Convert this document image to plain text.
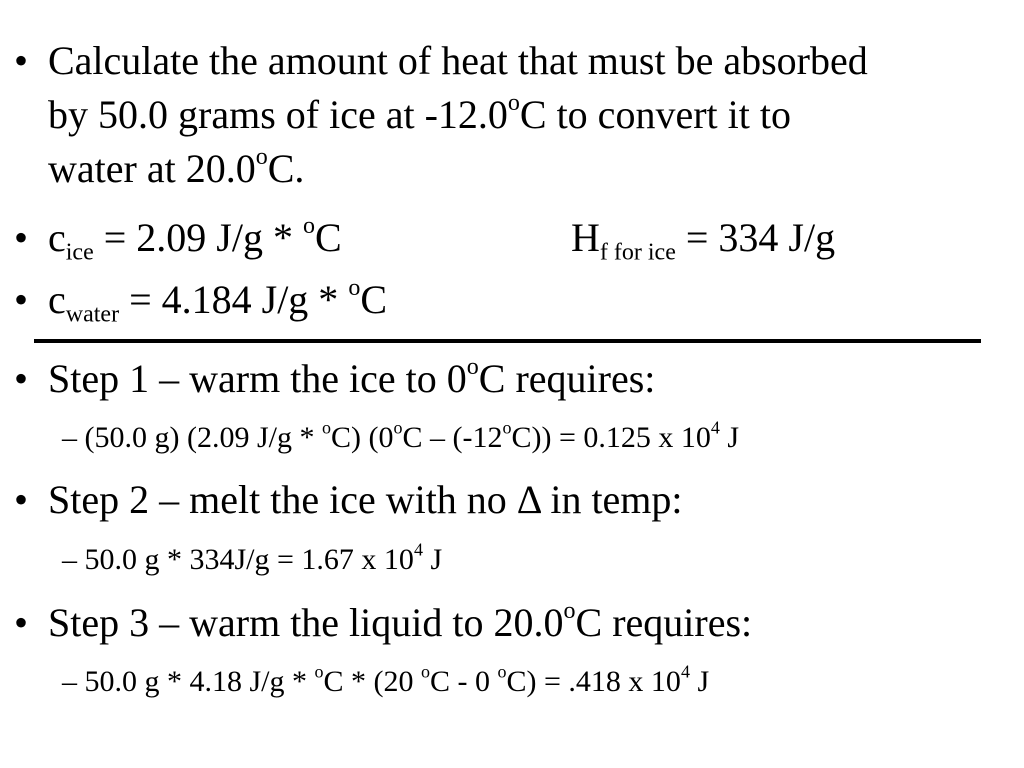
• Calculate the amount of heat that must be absorbed
by 50.0 grams of ice at -12.0$^o$C to convert it to
water at 20.0$^o$C.
• $c_{ice} = 2.09$ J/g * $^o$C	$H_{f for ice} = 334$ J/g
• $c_{water} = 4.184$ J/g * $^o$C
• Step 1 – warm the ice to 0$^o$C requires:
– (50.0 g) (2.09 J/g * $^o$C) $(0^oC - (-12^oC)) = 0.125$ x $10^4$ J
• Step 2 – melt the ice with no Δ in temp:
– 50.0 g * 334J/g = 1.67 x $10^4$ J
• Step 3 – warm the liquid to 20.0$^o$C requires:
– 50.0 g * 4.18 J/g * $^o$C * (20 $^o$C - 0 $^o$C) = .418 x $10^4$ J
